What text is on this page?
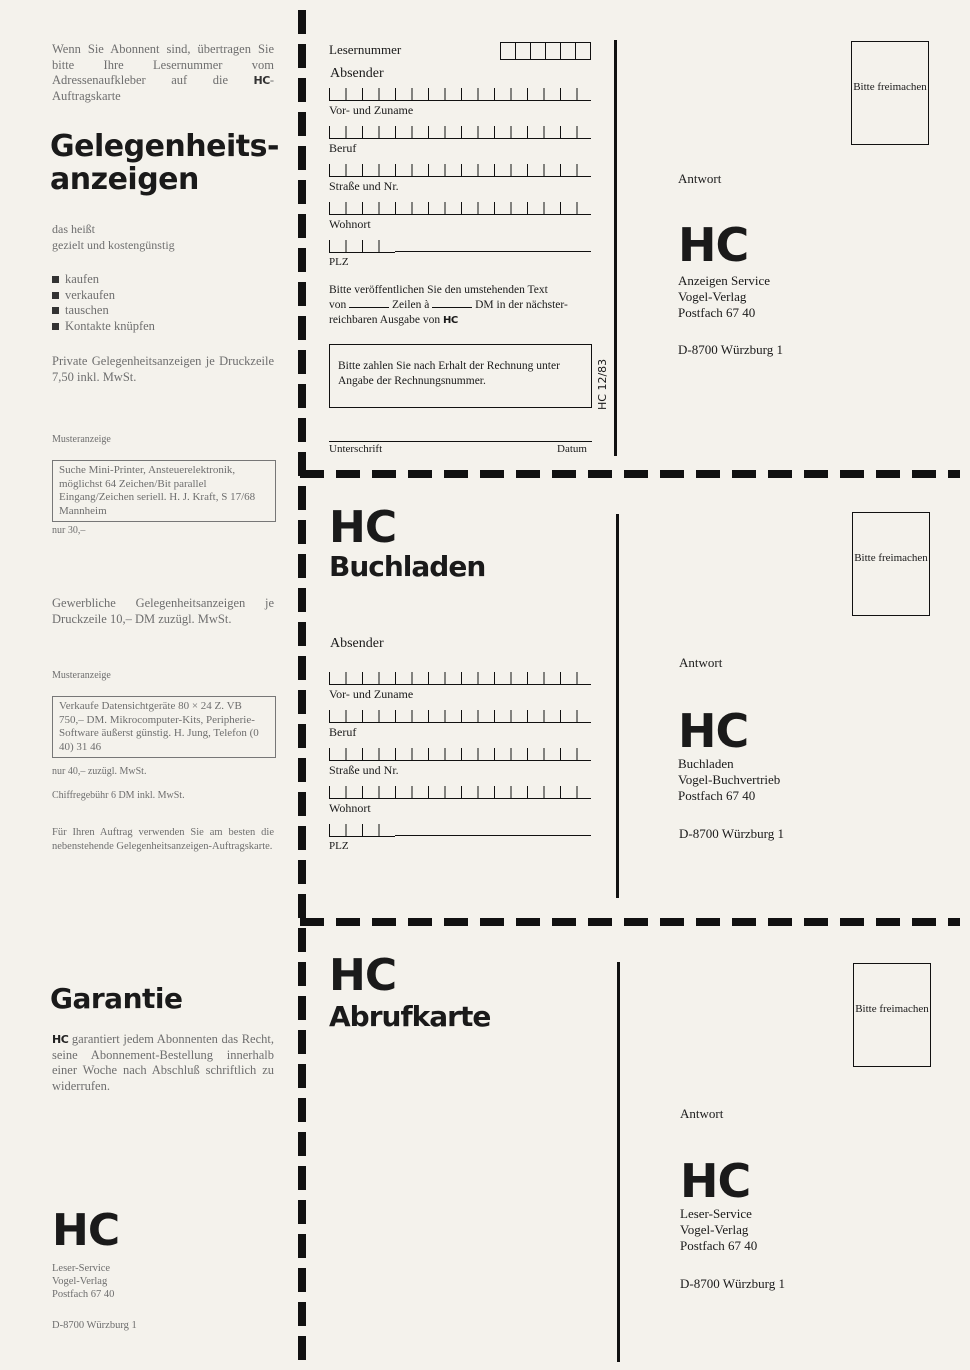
Wenn Sie Abonnent sind, übertragen Sie bitte Ihre Lesernummer vom Adressenaufkleber auf die HC-Auftragskarte
Gelegenheits-
anzeigen
das heißt
gezielt und kostengünstig
kaufen
verkaufen
tauschen
Kontakte knüpfen
Private Gelegenheitsanzeigen je Druckzeile 7,50 inkl. MwSt.
Musteranzeige
Suche Mini-Printer, Ansteuerelektronik, möglichst 64 Zeichen/Bit parallel Eingang/Zeichen seriell. H. J. Kraft, S 17/68 Mannheim
nur 30,–
Gewerbliche Gelegenheitsanzeigen je Druckzeile 10,– DM zuzügl. MwSt.
Musteranzeige
Verkaufe Datensichtgeräte 80 × 24 Z. VB 750,– DM. Mikrocomputer-Kits, Peripherie-Software äußerst günstig. H. Jung, Telefon (0 40) 31 46
nur 40,– zuzügl. MwSt.
Chiffregebühr 6 DM inkl. MwSt.
Für Ihren Auftrag verwenden Sie am besten die nebenstehende Gelegenheitsanzeigen-Auftragskarte.
Garantie
HC garantiert jedem Abonnenten das Recht, seine Abonnement-Bestellung innerhalb einer Woche nach Abschluß schriftlich zu widerrufen.
HC
Leser-Service
Vogel-Verlag
Postfach 67 40
D-8700 Würzburg 1
Lesernummer
Absender
Vor- und Zuname
Beruf
Straße und Nr.
Wohnort
PLZ
Bitte veröffentlichen Sie den umstehenden Text
von	Zeilen à	DM in der nächster-
reichbaren Ausgabe von HC
Bitte zahlen Sie nach Erhalt der Rechnung unter Angabe der Rechnungsnummer.	HC 12/83
Unterschrift	Datum
Bitte freimachen
Antwort
HC
Anzeigen Service
Vogel-Verlag
Postfach 67 40
D-8700 Würzburg 1
HC
Buchladen
Absender
Vor- und Zuname
Beruf
Straße und Nr.
Wohnort
PLZ
Bitte freimachen
Antwort
HC
Buchladen
Vogel-Buchvertrieb
Postfach 67 40
D-8700 Würzburg 1
HC
Abrufkarte	Bitte freimachen
Antwort
HC
Leser-Service
Vogel-Verlag
Postfach 67 40
D-8700 Würzburg 1
